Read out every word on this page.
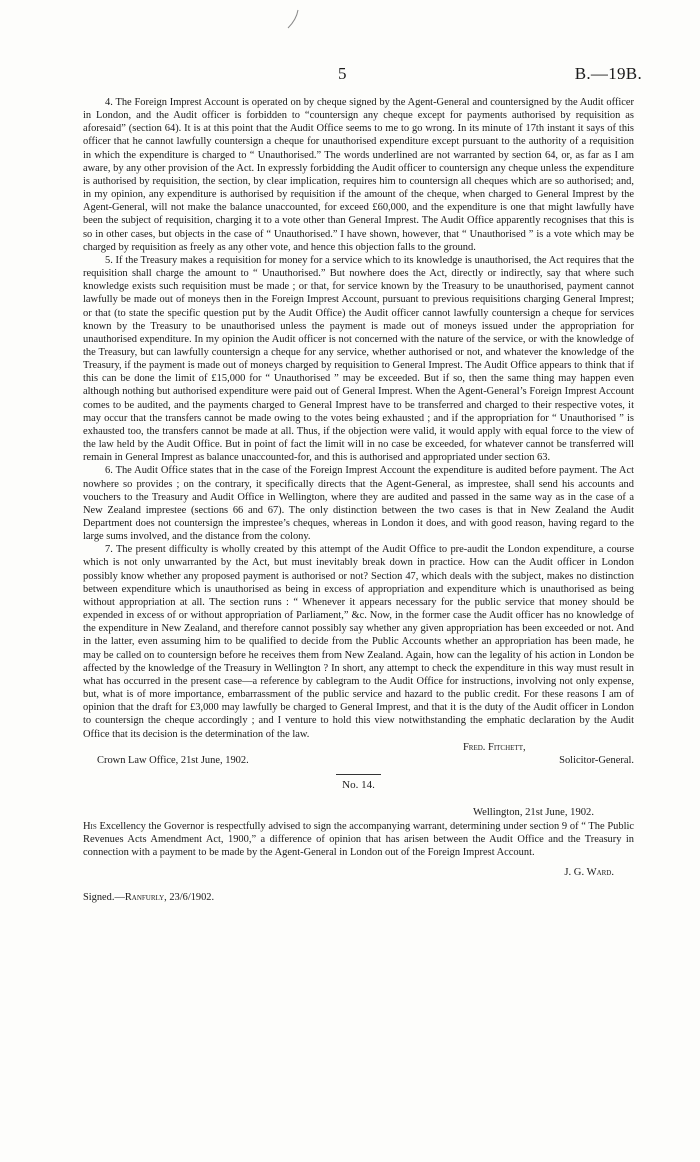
5	B.—19B.

4. The Foreign Imprest Account is operated on by cheque signed by the Agent-General and countersigned by the Audit officer in London, and the Audit officer is forbidden to “countersign any cheque except for payments authorised by requisition as aforesaid” (section 64). It is at this point that the Audit Office seems to me to go wrong. In its minute of 17th instant it says of this officer that he cannot lawfully countersign a cheque for unauthorised expenditure except pursuant to the authority of a requisition in which the expenditure is charged to “ Unauthorised.” The words underlined are not warranted by section 64, or, as far as I am aware, by any other provision of the Act. In expressly forbidding the Audit officer to countersign any cheque unless the expenditure is authorised by requisition, the section, by clear implication, requires him to countersign all cheques which are so authorised; and, in my opinion, any expenditure is authorised by requisition if the amount of the cheque, when charged to General Imprest by the Agent-General, will not make the balance unaccounted, for exceed £60,000, and the expenditure is one that might lawfully have been the subject of requisition, charging it to a vote other than General Imprest. The Audit Office apparently recognises that this is so in other cases, but objects in the case of “ Unauthorised.” I have shown, however, that “ Unauthorised ” is a vote which may be charged by requisition as freely as any other vote, and hence this objection falls to the ground.

5. If the Treasury makes a requisition for money for a service which to its knowledge is unauthorised, the Act requires that the requisition shall charge the amount to “ Unauthorised.” But nowhere does the Act, directly or indirectly, say that where such knowledge exists such requisition must be made ; or that, for service known by the Treasury to be unauthorised, payment cannot lawfully be made out of moneys then in the Foreign Imprest Account, pursuant to previous requisitions charging General Imprest; or that (to state the specific question put by the Audit Office) the Audit officer cannot lawfully countersign a cheque for services known by the Treasury to be unauthorised unless the payment is made out of moneys issued under the appropriation for unauthorised expenditure. In my opinion the Audit officer is not concerned with the nature of the service, or with the knowledge of the Treasury, but can lawfully countersign a cheque for any service, whether authorised or not, and whatever the knowledge of the Treasury, if the payment is made out of moneys charged by requisition to General Imprest. The Audit Office appears to think that if this can be done the limit of £15,000 for “ Unauthorised ” may be exceeded. But if so, then the same thing may happen even although nothing but authorised expenditure were paid out of General Imprest. When the Agent-General’s Foreign Imprest Account comes to be audited, and the payments charged to General Imprest have to be transferred and charged to their respective votes, it may occur that the transfers cannot be made owing to the votes being exhausted ; and if the appropriation for “ Unauthorised ” is exhausted too, the transfers cannot be made at all. Thus, if the objection were valid, it would apply with equal force to the view of the law held by the Audit Office. But in point of fact the limit will in no case be exceeded, for whatever cannot be transferred will remain in General Imprest as balance unaccounted-for, and this is authorised and appropriated under section 63.

6. The Audit Office states that in the case of the Foreign Imprest Account the expenditure is audited before payment. The Act nowhere so provides ; on the contrary, it specifically directs that the Agent-General, as imprestee, shall send his accounts and vouchers to the Treasury and Audit Office in Wellington, where they are audited and passed in the same way as in the case of a New Zealand imprestee (sections 66 and 67). The only distinction between the two cases is that in New Zealand the Audit Department does not countersign the imprestee’s cheques, whereas in London it does, and with good reason, having regard to the large sums involved, and the distance from the colony.

7. The present difficulty is wholly created by this attempt of the Audit Office to pre-audit the London expenditure, a course which is not only unwarranted by the Act, but must inevitably break down in practice. How can the Audit officer in London possibly know whether any proposed payment is authorised or not? Section 47, which deals with the subject, makes no distinction between expenditure which is unauthorised as being in excess of appropriation and expenditure which is unauthorised as being without appropriation at all. The section runs : “ Whenever it appears necessary for the public service that money should be expended in excess of or without appropriation of Parliament,” &c. Now, in the former case the Audit officer has no knowledge of the expenditure in New Zealand, and therefore cannot possibly say whether any given appropriation has been exceeded or not. And in the latter, even assuming him to be qualified to decide from the Public Accounts whether an appropriation has been made, he may be called on to countersign before he receives them from New Zealand. Again, how can the legality of his action in London be affected by the knowledge of the Treasury in Wellington ? In short, any attempt to check the expenditure in this way must result in what has occurred in the present case—a reference by cablegram to the Audit Office for instructions, involving not only expense, but, what is of more importance, embarrassment of the public service and hazard to the public credit. For these reasons I am of opinion that the draft for £3,000 may lawfully be charged to General Imprest, and that it is the duty of the Audit officer in London to countersign the cheque accordingly ; and I venture to hold this view notwithstanding the emphatic declaration by the Audit Office that its decision is the determination of the law.

Fred. Fitchett,
Crown Law Office, 21st June, 1902.	Solicitor-General.
No. 14.
Wellington, 21st June, 1902.

His Excellency the Governor is respectfully advised to sign the accompanying warrant, determining under section 9 of “ The Public Revenues Acts Amendment Act, 1900,” a difference of opinion that has arisen between the Audit Office and the Treasury in connection with a payment to be made by the Agent-General in London out of the Foreign Imprest Account.

J. G. Ward.
Signed.—Ranfurly, 23/6/1902.
